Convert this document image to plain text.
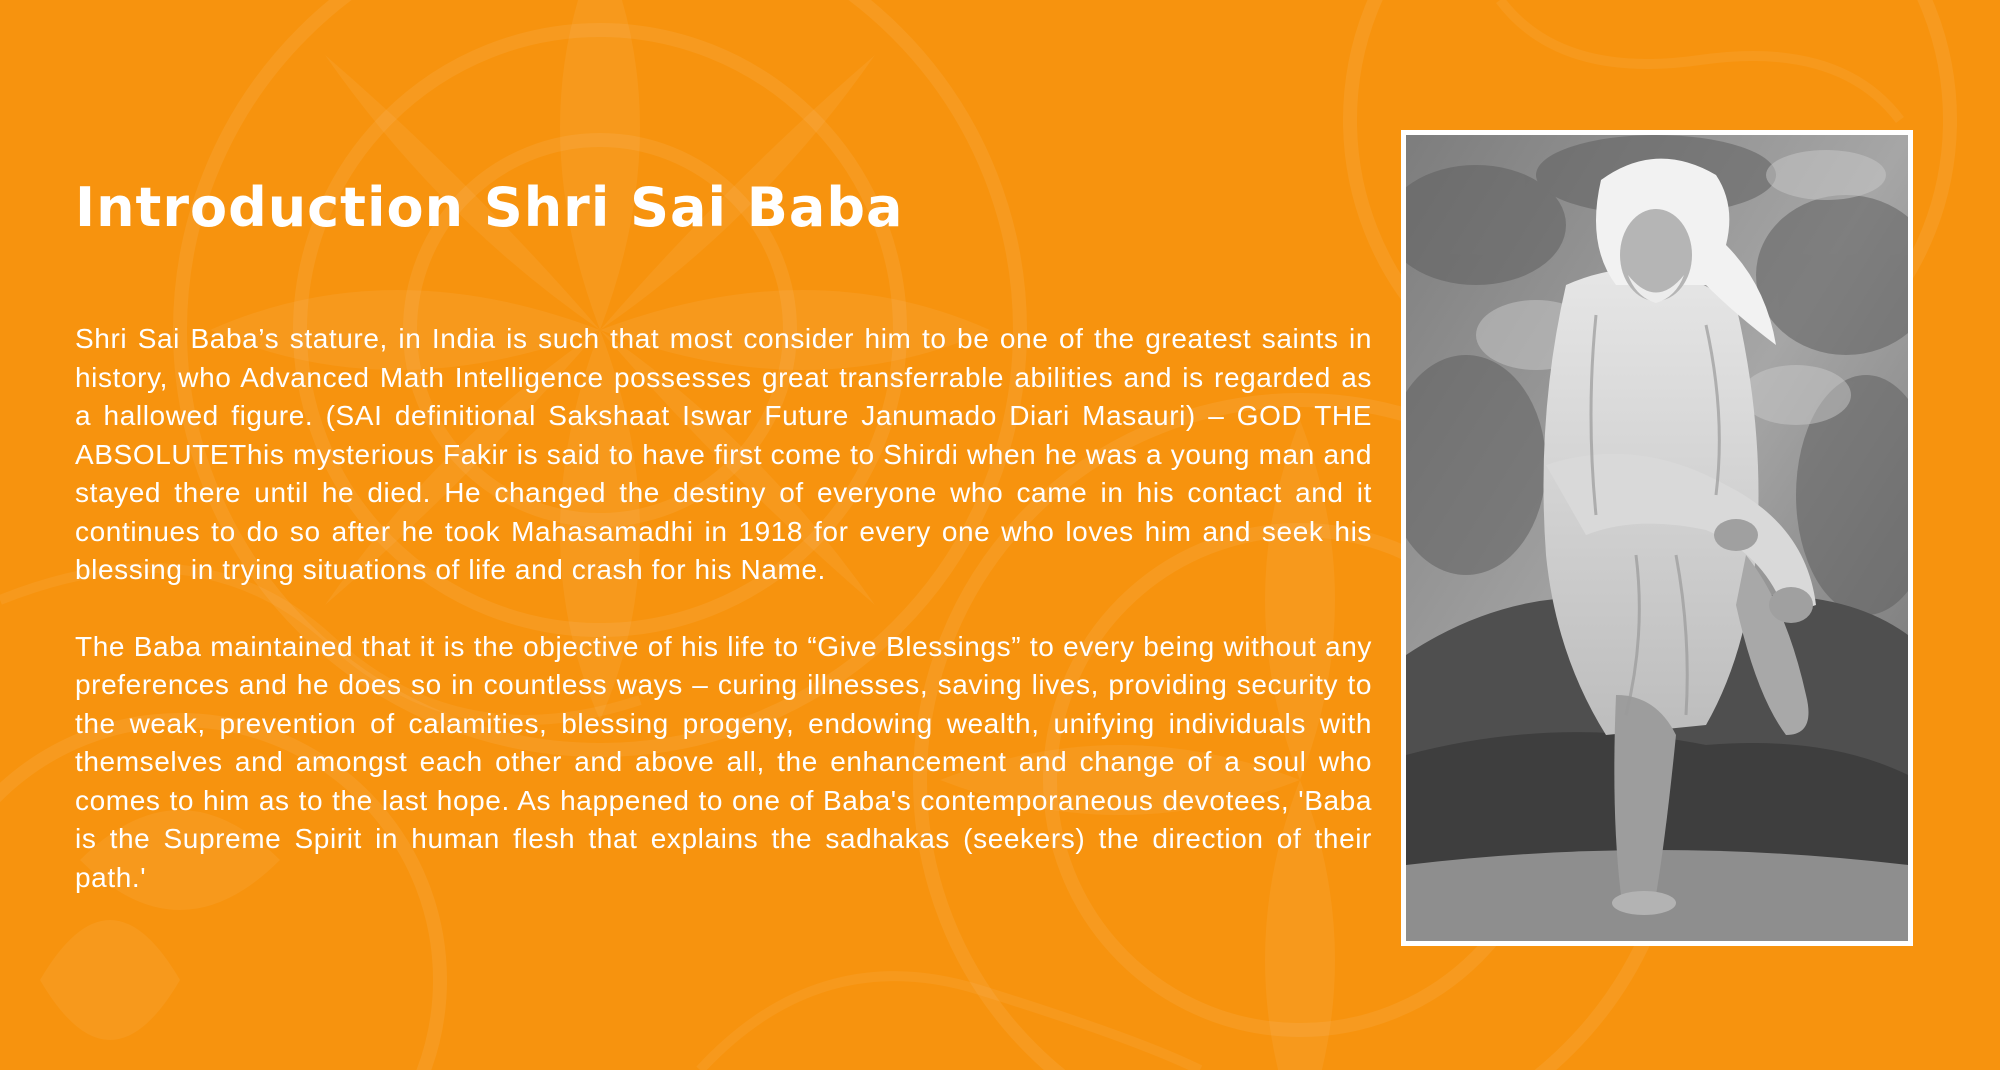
Introduction Shri Sai Baba

Shri Sai Baba’s stature, in India is such that most consider him to be one of the greatest saints in history, who Advanced Math Intelligence possesses great transferrable abilities and is regarded as a hallowed figure. (SAI definitional Sakshaat Iswar Future Janumado Diari Masauri) – GOD THE ABSOLUTEThis mysterious Fakir is said to have first come to Shirdi when he was a young man and stayed there until he died. He changed the destiny of everyone who came in his contact and it continues to do so after he took Mahasamadhi in 1918 for every one who loves him and seek his blessing in trying situations of life and crash for his Name.

The Baba maintained that it is the objective of his life to “Give Blessings” to every being without any preferences and he does so in countless ways – curing illnesses, saving lives, providing security to the weak, prevention of calamities, blessing progeny, endowing wealth, unifying individuals with themselves and amongst each other and above all, the enhancement and change of a soul who comes to him as to the last hope. As happened to one of Baba's contemporaneous devotees, 'Baba is the Supreme Spirit in human flesh that explains the sadhakas (seekers) the direction of their path.'
